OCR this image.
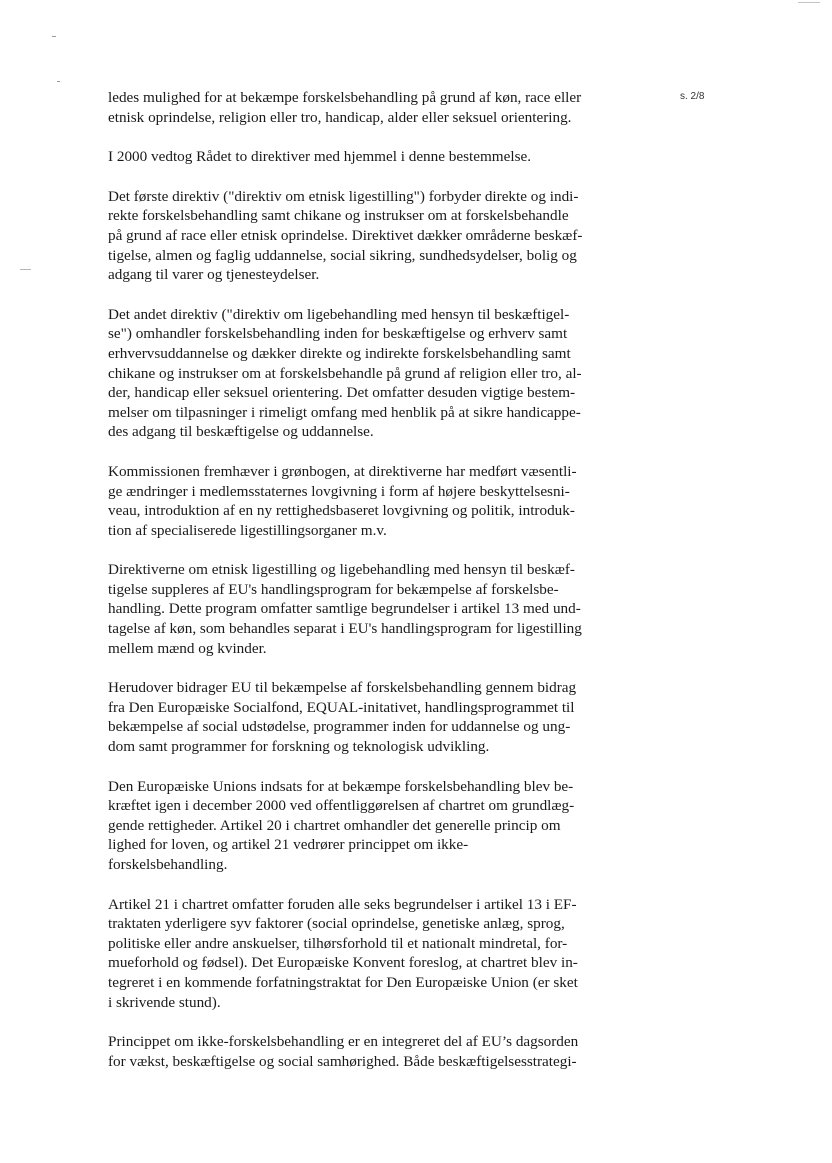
s. 2/8
ledes mulighed for at bekæmpe forskelsbehandling på grund af køn, race eller
etnisk oprindelse, religion eller tro, handicap, alder eller seksuel orientering.
I 2000 vedtog Rådet to direktiver med hjemmel i denne bestemmelse.
Det første direktiv ("direktiv om etnisk ligestilling") forbyder direkte og indi-
rekte forskelsbehandling samt chikane og instrukser om at forskelsbehandle
på grund af race eller etnisk oprindelse. Direktivet dækker områderne beskæf-
tigelse, almen og faglig uddannelse, social sikring, sundhedsydelser, bolig og
adgang til varer og tjenesteydelser.
Det andet direktiv ("direktiv om ligebehandling med hensyn til beskæftigel-
se") omhandler forskelsbehandling inden for beskæftigelse og erhverv samt
erhvervsuddannelse og dækker direkte og indirekte forskelsbehandling samt
chikane og instrukser om at forskelsbehandle på grund af religion eller tro, al-
der, handicap eller seksuel orientering. Det omfatter desuden vigtige bestem-
melser om tilpasninger i rimeligt omfang med henblik på at sikre handicappe-
des adgang til beskæftigelse og uddannelse.
Kommissionen fremhæver i grønbogen, at direktiverne har medført væsentli-
ge ændringer i medlemsstaternes lovgivning i form af højere beskyttelsesni-
veau, introduktion af en ny rettighedsbaseret lovgivning og politik, introduk-
tion af specialiserede ligestillingsorganer m.v.
Direktiverne om etnisk ligestilling og ligebehandling med hensyn til beskæf-
tigelse suppleres af EU's handlingsprogram for bekæmpelse af forskelsbe-
handling. Dette program omfatter samtlige begrundelser i artikel 13 med und-
tagelse af køn, som behandles separat i EU's handlingsprogram for ligestilling
mellem mænd og kvinder.
Herudover bidrager EU til bekæmpelse af forskelsbehandling gennem bidrag
fra Den Europæiske Socialfond, EQUAL-initativet, handlingsprogrammet til
bekæmpelse af social udstødelse, programmer inden for uddannelse og ung-
dom samt programmer for forskning og teknologisk udvikling.
Den Europæiske Unions indsats for at bekæmpe forskelsbehandling blev be-
kræftet igen i december 2000 ved offentliggørelsen af chartret om grundlæg-
gende rettigheder. Artikel 20 i chartret omhandler det generelle princip om
lighed for loven, og artikel 21 vedrører princippet om ikke-
forskelsbehandling.
Artikel 21 i chartret omfatter foruden alle seks begrundelser i artikel 13 i EF-
traktaten yderligere syv faktorer (social oprindelse, genetiske anlæg, sprog,
politiske eller andre anskuelser, tilhørsforhold til et nationalt mindretal, for-
mueforhold og fødsel). Det Europæiske Konvent foreslog, at chartret blev in-
tegreret i en kommende forfatningstraktat for Den Europæiske Union (er sket
i skrivende stund).
Princippet om ikke-forskelsbehandling er en integreret del af EU’s dagsorden
for vækst, beskæftigelse og social samhørighed. Både beskæftigelsesstrategi-
